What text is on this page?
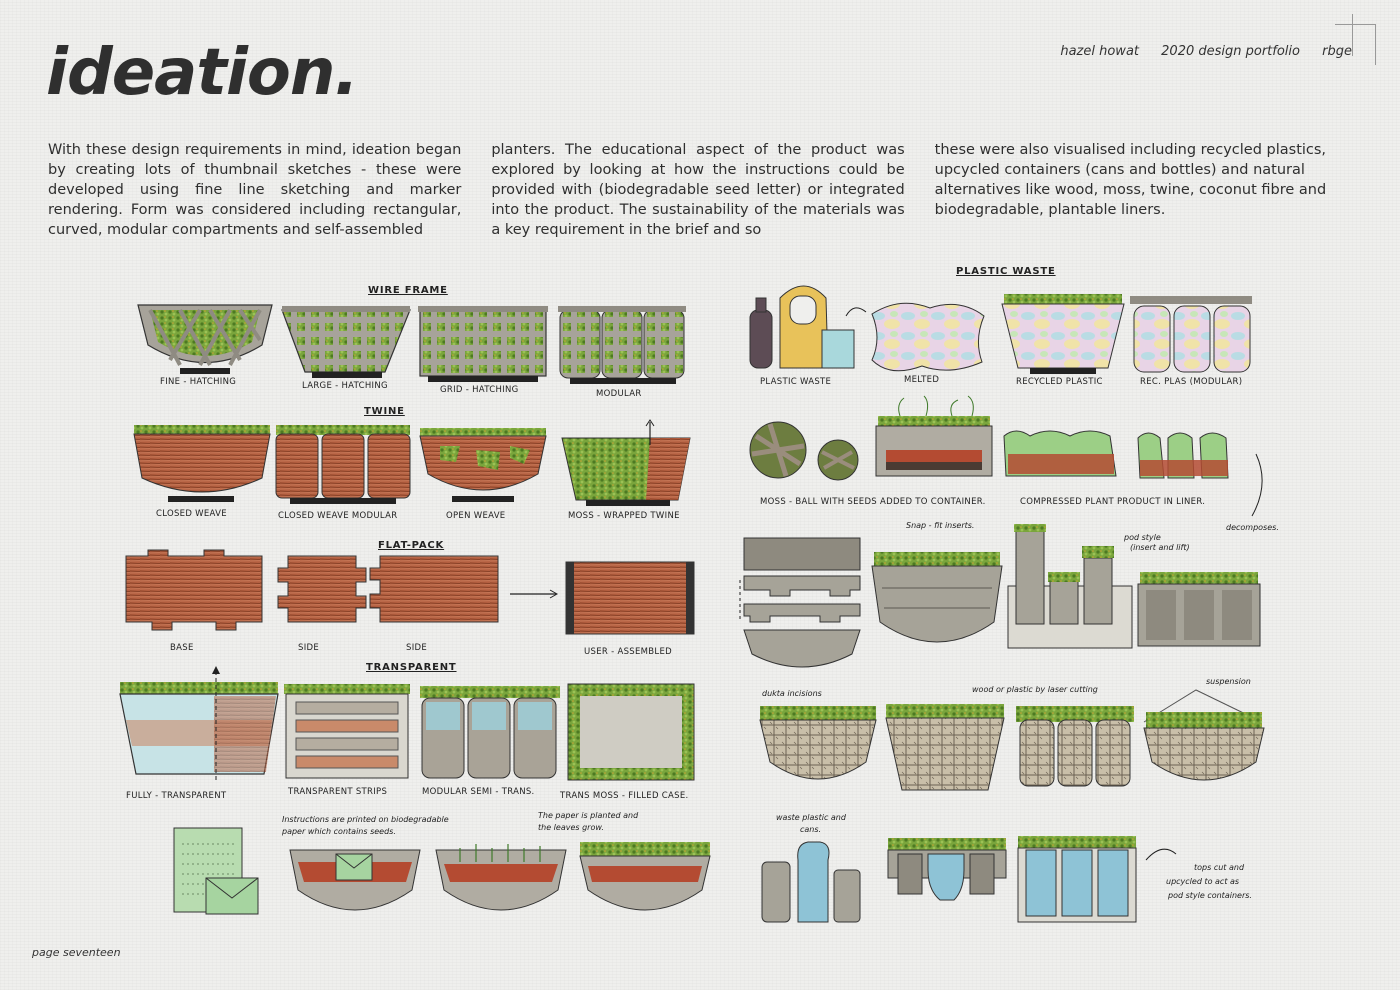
ideation.	hazel howat 2020 design portfolio rbge
With these design requirements in mind, ideation began by creating lots of thumbnail sketches - these were developed using fine line sketching and marker rendering. Form was considered including rectangular, curved, modular compartments and self-assembled
planters. The educational aspect of the product was explored by looking at how the instructions could be provided with (biodegradable seed letter) or integrated into the product. The sustainability of the materials was a key requirement in the brief and so
these were also visualised including recycled plastics, upcycled containers (cans and bottles) and natural alternatives like wood, moss, twine, coconut fibre and biodegradable, plantable liners.
WIRE FRAME
FINE - HATCHING	LARGE - HATCHING	GRID - HATCHING	MODULAR
TWINE
CLOSED WEAVE	CLOSED WEAVE MODULAR	OPEN WEAVE	MOSS - WRAPPED TWINE
FLAT-PACK
BASE	SIDE	SIDE	USER - ASSEMBLED
TRANSPARENT
FULLY - TRANSPARENT	TRANSPARENT STRIPS	MODULAR SEMI - TRANS.	TRANS MOSS - FILLED CASE.
Instructions are printed on biodegradable
paper which contains seeds.
The paper is planted and
the leaves grow.
PLASTIC WASTE
PLASTIC WASTE	MELTED	RECYCLED PLASTIC	REC. PLAS (MODULAR)
MOSS - BALL WITH SEEDS ADDED TO CONTAINER.	COMPRESSED PLANT PRODUCT IN LINER.
decomposes.
Snap - fit inserts.
pod style
(insert and lift)
dukta incisions	wood or plastic by laser cutting
suspension
waste plastic and
cans.
tops cut and
upcycled to act as
pod style containers.
page seventeen
